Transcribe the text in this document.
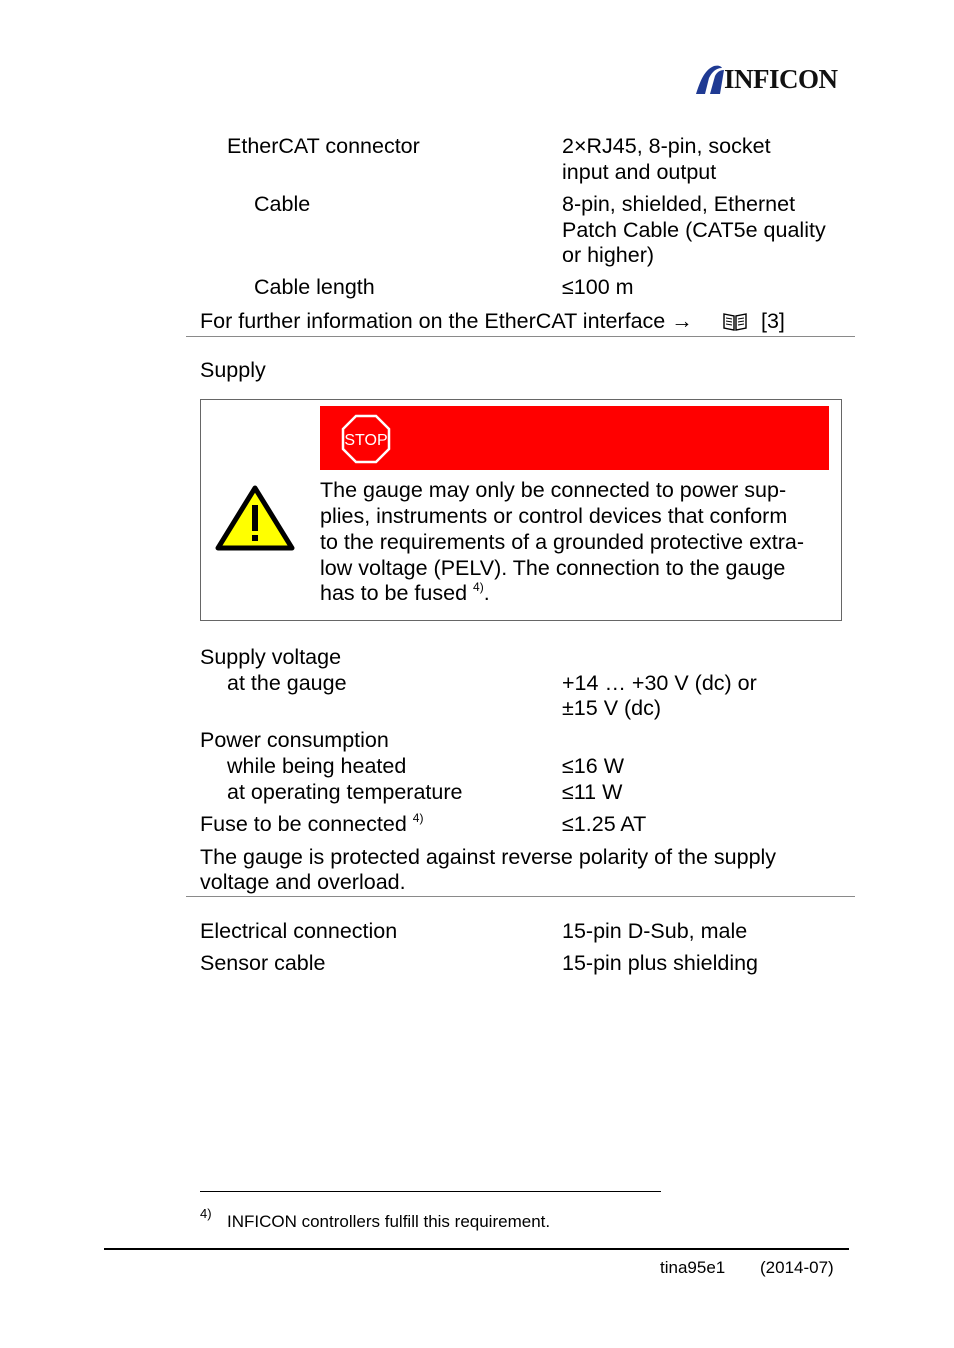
INFICON
EtherCAT connector	2×RJ45, 8-pin, socket
input and output
Cable	8-pin, shielded, Ethernet
Patch Cable (CAT5e quality
or higher)
Cable length	≤100 m
For further information on the EtherCAT interface →	[3]
Supply
STOP
The gauge may only be connected to power sup-
plies, instruments or control devices that conform
to the requirements of a grounded protective extra-
low voltage (PELV). The connection to the gauge
has to be fused $^{4)}$.
Supply voltage
at the gauge	+14 … +30 V (dc) or
±15 V (dc)
Power consumption
while being heated	≤16 W
at operating temperature	≤11 W
Fuse to be connected $^{4)}$	≤1.25 AT
The gauge is protected against reverse polarity of the supply
voltage and overload.
Electrical connection	15-pin D-Sub, male
Sensor cable	15-pin plus shielding
4) INFICON controllers fulfill this requirement.
tina95e1 (2014-07)
